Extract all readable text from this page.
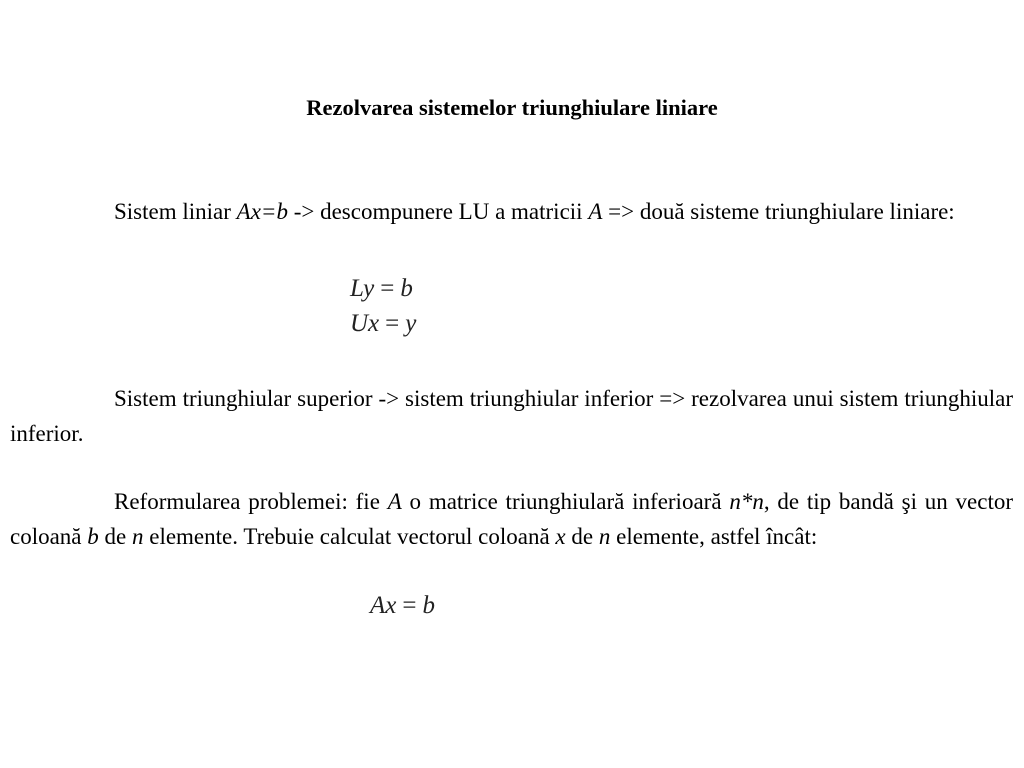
Rezolvarea sistemelor triunghiulare liniare

Sistem liniar Ax=b -> descompunere LU a matricii A => două sisteme triunghiulare liniare:

Ly = b
Ux = y

Sistem triunghiular superior -> sistem triunghiular inferior => rezolvarea unui sistem triunghiular inferior.

Reformularea problemei: fie A o matrice triunghiulară inferioară n*n, de tip bandă şi un vector coloană b de n elemente. Trebuie calculat vectorul coloană x de n elemente, astfel încât:

Ax = b
